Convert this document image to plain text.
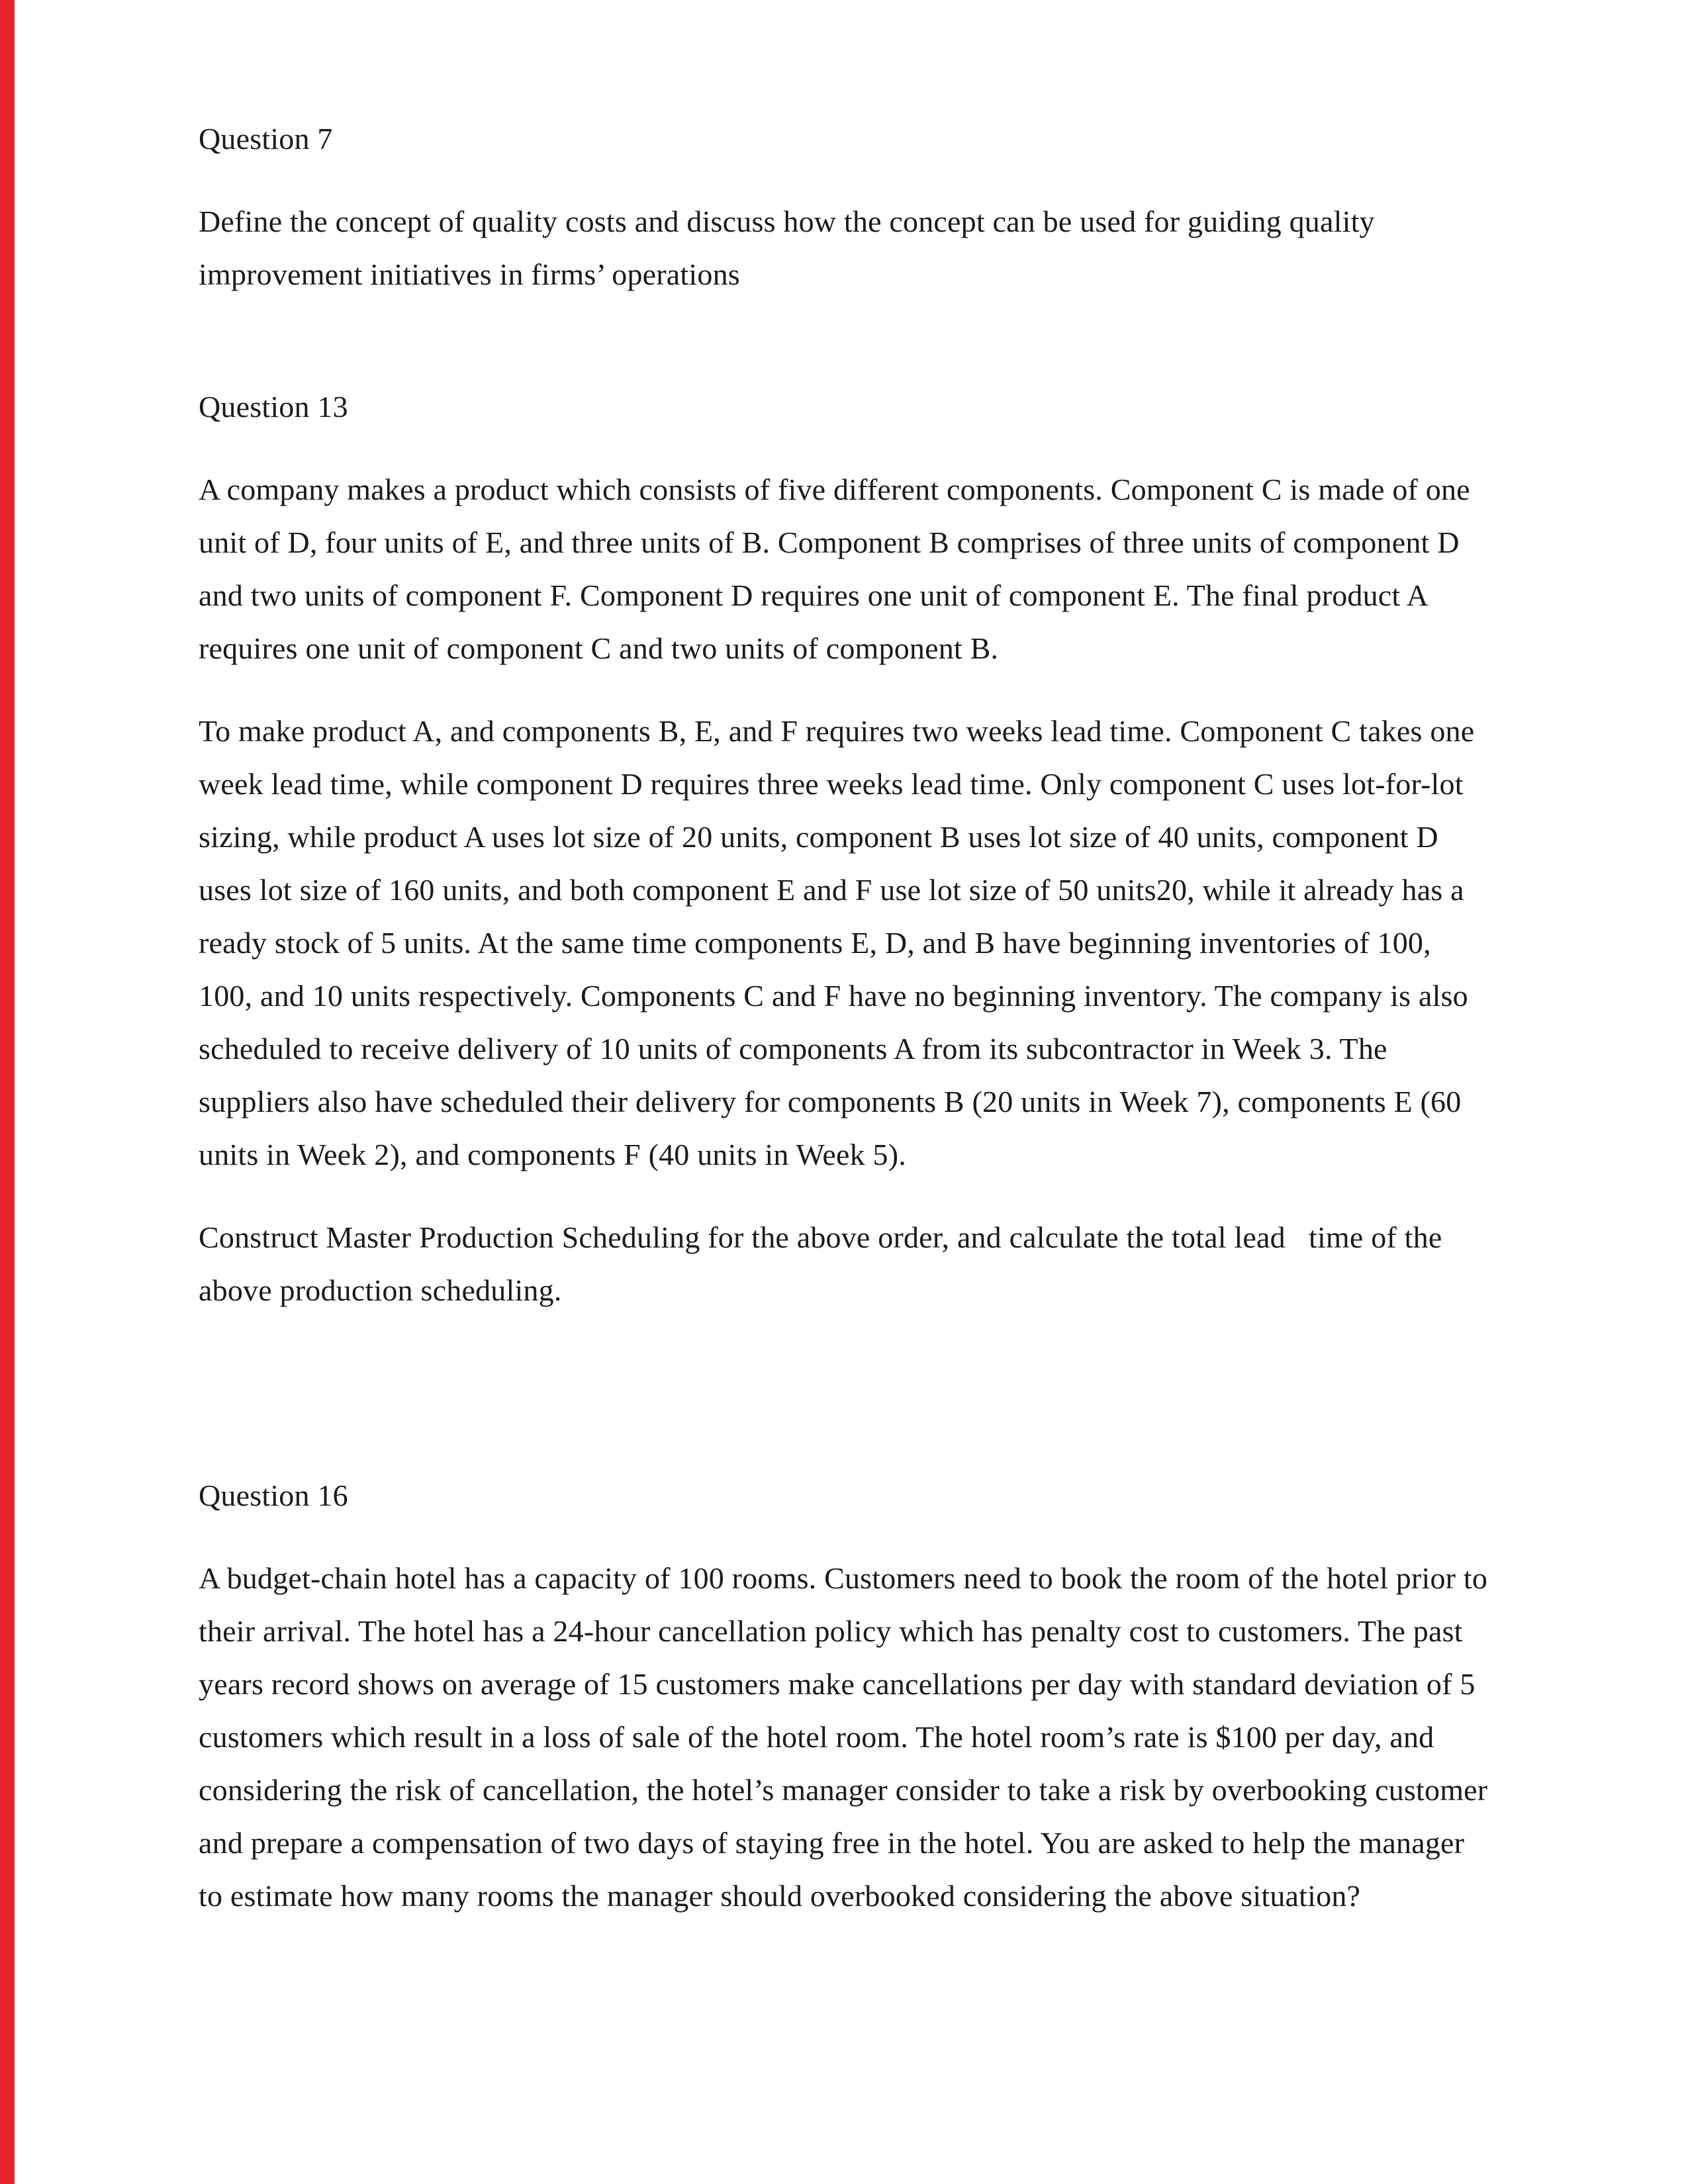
Question 7

Define the concept of quality costs and discuss how the concept can be used for guiding quality improvement initiatives in firms’ operations

Question 13

A company makes a product which consists of five different components. Component C is made of one unit of D, four units of E, and three units of B. Component B comprises of three units of component D and two units of component F. Component D requires one unit of component E. The final product A requires one unit of component C and two units of component B.

To make product A, and components B, E, and F requires two weeks lead time. Component C takes one week lead time, while component D requires three weeks lead time. Only component C uses lot-for-lot sizing, while product A uses lot size of 20 units, component B uses lot size of 40 units, component D uses lot size of 160 units, and both component E and F use lot size of 50 units20, while it already has a ready stock of 5 units. At the same time components E, D, and B have beginning inventories of 100, 100, and 10 units respectively. Components C and F have no beginning inventory. The company is also scheduled to receive delivery of 10 units of components A from its subcontractor in Week 3. The suppliers also have scheduled their delivery for components B (20 units in Week 7), components E (60 units in Week 2), and components F (40 units in Week 5).

Construct Master Production Scheduling for the above order, and calculate the total lead   time of the above production scheduling.

Question 16

A budget-chain hotel has a capacity of 100 rooms. Customers need to book the room of the hotel prior to their arrival. The hotel has a 24-hour cancellation policy which has penalty cost to customers. The past years record shows on average of 15 customers make cancellations per day with standard deviation of 5 customers which result in a loss of sale of the hotel room. The hotel room’s rate is $100 per day, and considering the risk of cancellation, the hotel’s manager consider to take a risk by overbooking customer and prepare a compensation of two days of staying free in the hotel. You are asked to help the manager to estimate how many rooms the manager should overbooked considering the above situation?
